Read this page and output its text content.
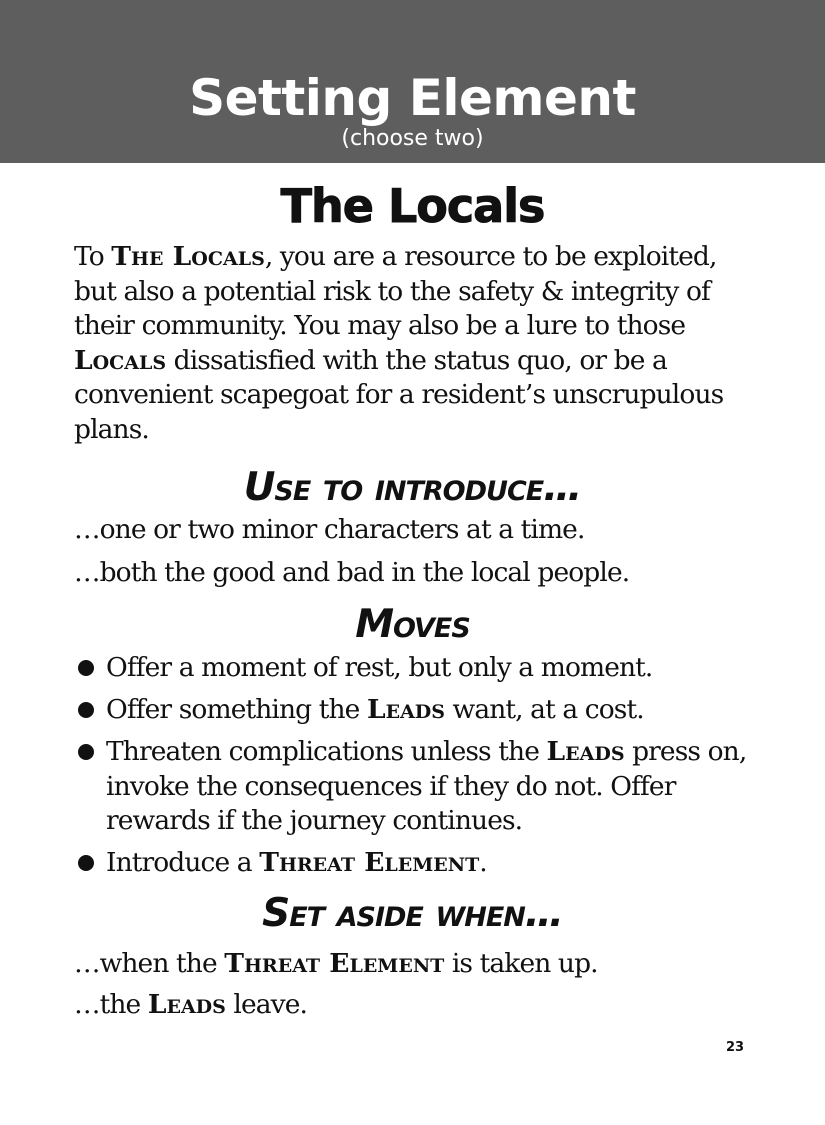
Setting Element
(choose two)
The Locals

To The Locals, you are a resource to be exploited, but also a potential risk to the safety & integrity of their community. You may also be a lure to those Locals dissatisfied with the status quo, or be a convenient scapegoat for a resident’s unscrupulous plans.

Use to introduce…
…one or two minor characters at a time.
…both the good and bad in the local people.
Moves
Offer a moment of rest, but only a moment.
Offer something the Leads want, at a cost.
Threaten complications unless the Leads press on, invoke the consequences if they do not. Offer rewards if the journey continues.
Introduce a Threat Element.
Set aside when…
…when the Threat Element is taken up.
…the Leads leave.
23
